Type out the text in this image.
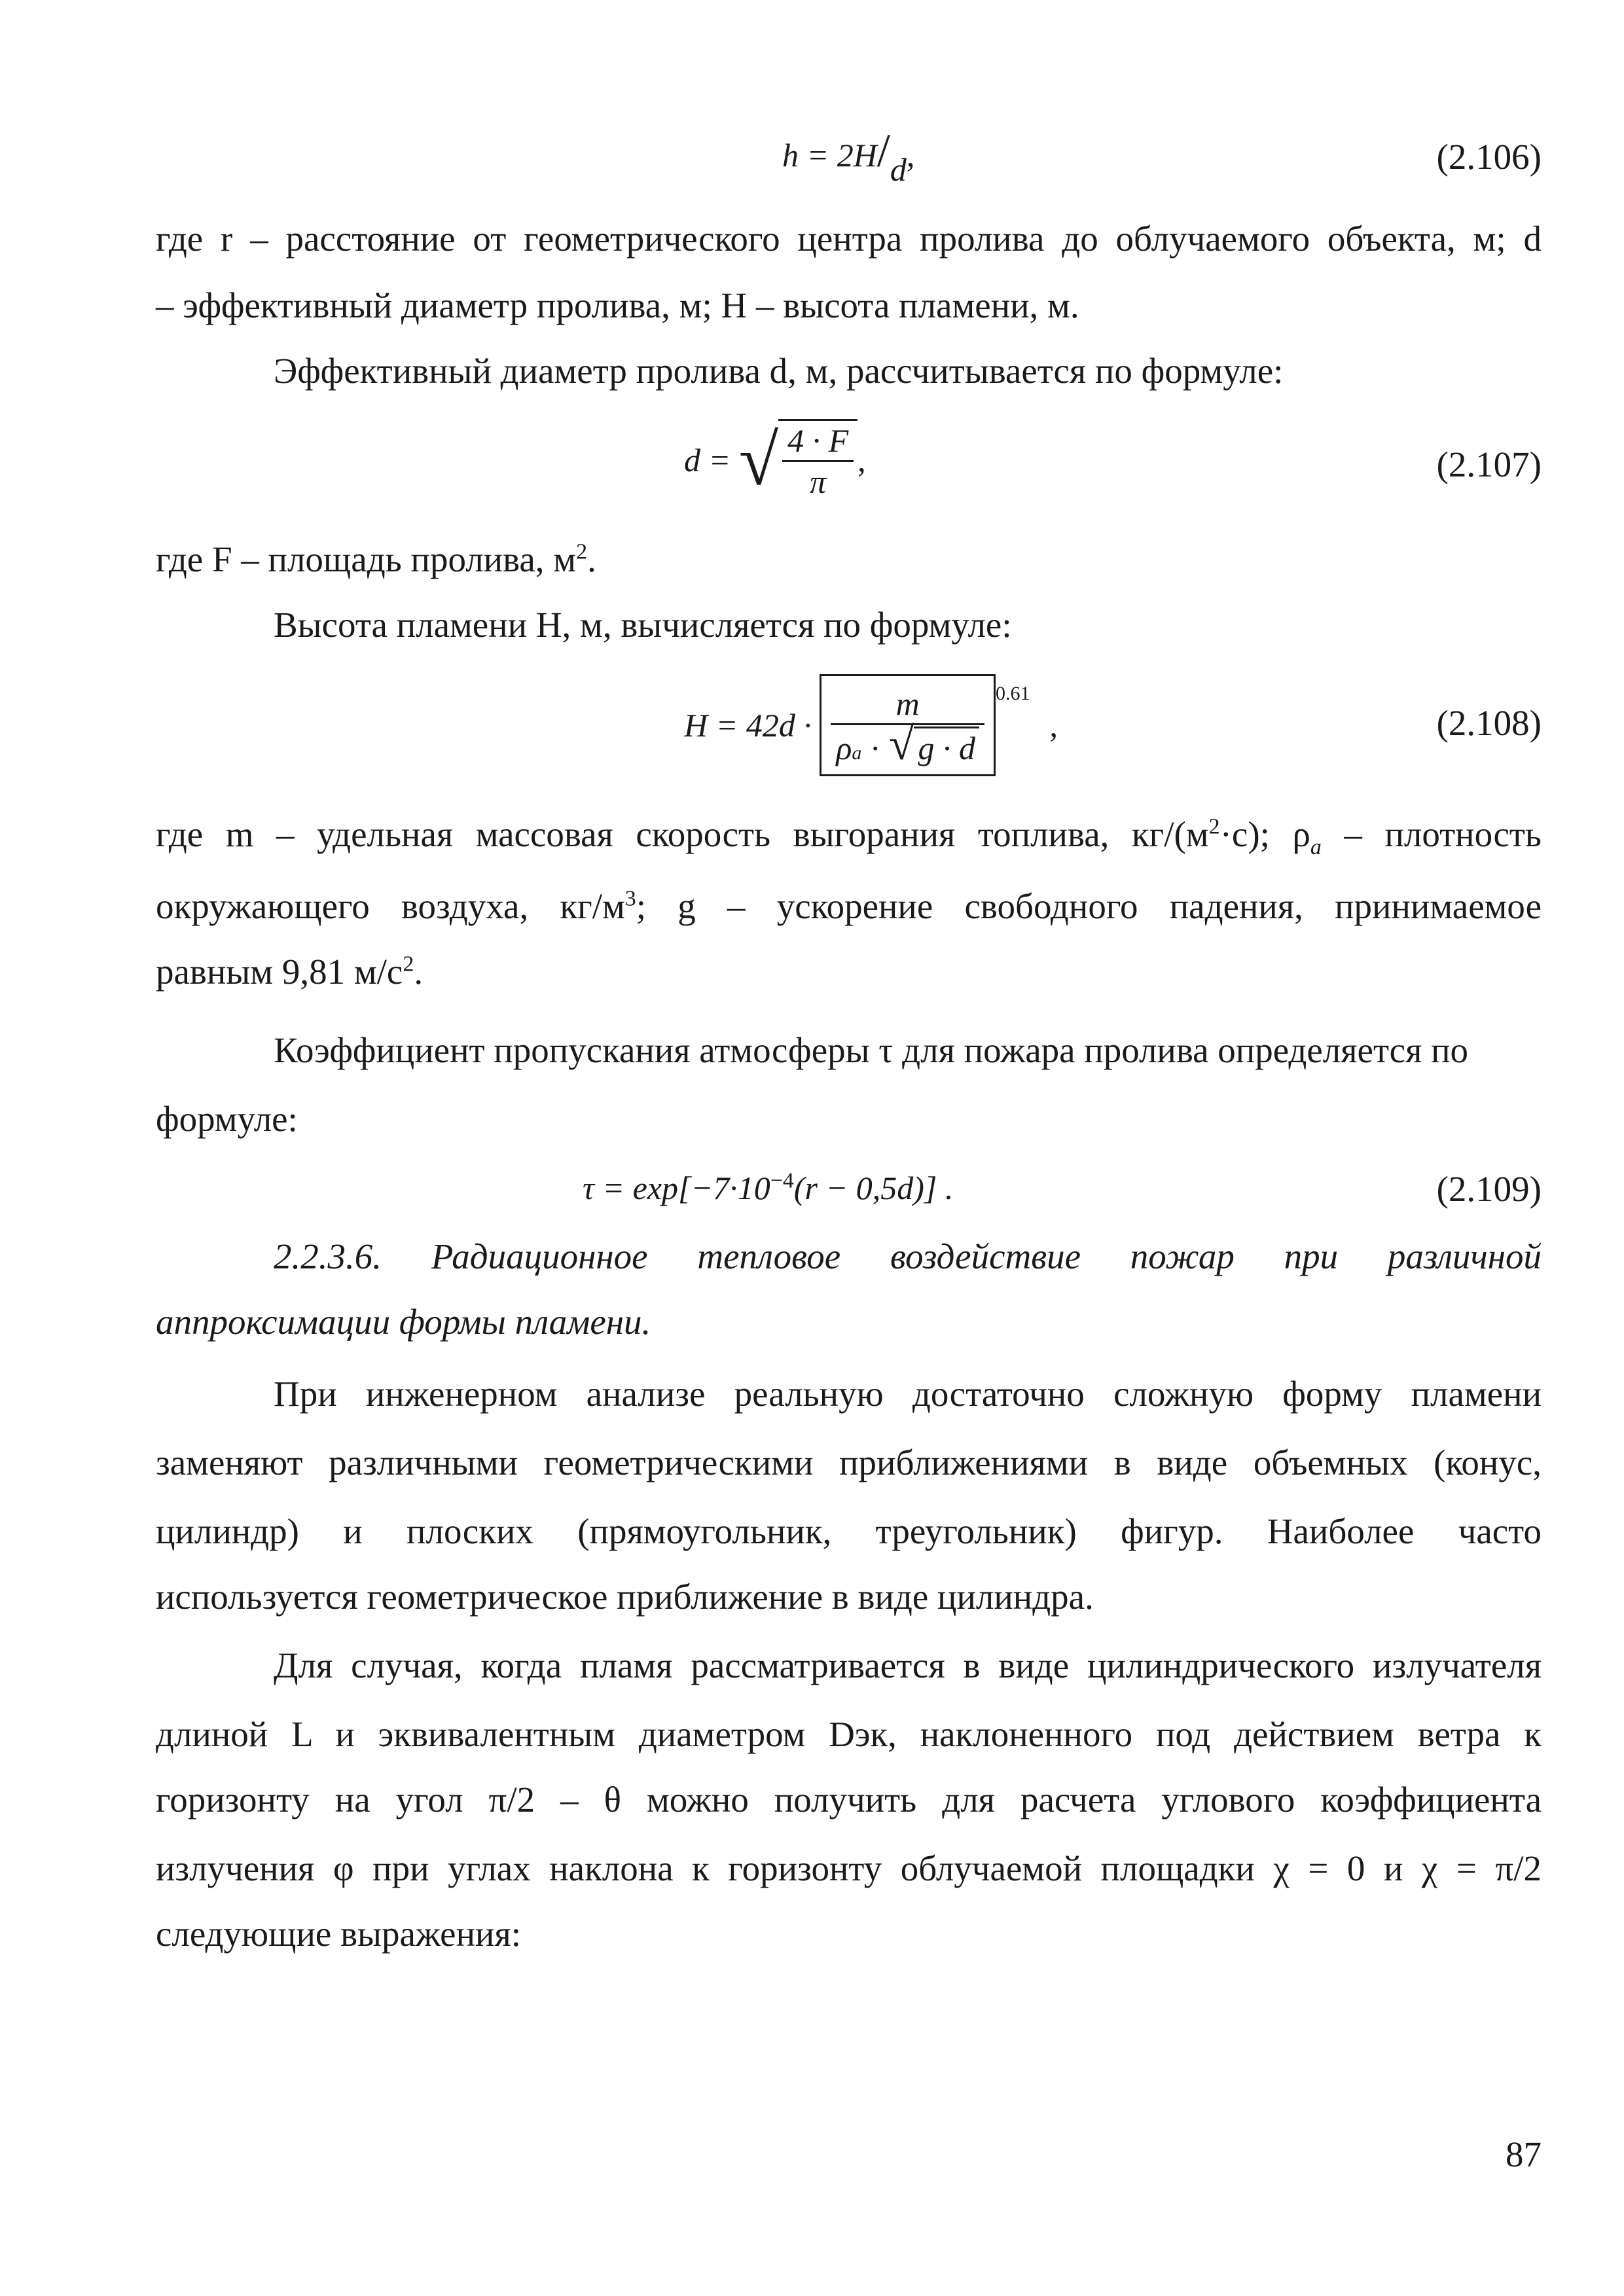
h = 2H/d,	(2.106)
где r – расстояние от геометрического центра пролива до облучаемого объекта, м; d
– эффективный диаметр пролива, м; H – высота пламени, м.
Эффективный диаметр пролива d, м, рассчитывается по формуле:
d = √ $\frac{4 \cdot F}{\pi}$ ,	(2.107)
где F – площадь пролива, $м^2$.
Высота пламени H, м, вычисляется по формуле:
$H = 42d \cdot \frac{m}{\rho a \cdot √ g \cdot d} ^{0.61}$,	(2.108)
где m – удельная массовая скорость выгорания топлива, $кг/(м^2\cdot с)$; $\rho_a$ – плотность
окружающего воздуха, $кг/м^3$; g – ускорение свободного падения, принимаемое
равным 9,81 $м/с^2$.
Коэффициент пропускания атмосферы τ для пожара пролива определяется по
формуле:
$\tau = \exp[-7\cdot 10^{-4}(r - 0,5d)]$ .	(2.109)
2.2.3.6. Радиационное тепловое воздействие пожар при различной
аппроксимации формы пламени.
При инженерном анализе реальную достаточно сложную форму пламени
заменяют различными геометрическими приближениями в виде объемных (конус,
цилиндр) и плоских (прямоугольник, треугольник) фигур. Наиболее часто
используется геометрическое приближение в виде цилиндра.
Для случая, когда пламя рассматривается в виде цилиндрического излучателя
длиной L и эквивалентным диаметром Dэк, наклоненного под действием ветра к
горизонту на угол π/2 – θ можно получить для расчета углового коэффициента
излучения φ при углах наклона к горизонту облучаемой площадки χ = 0 и χ = π/2
следующие выражения:
87
